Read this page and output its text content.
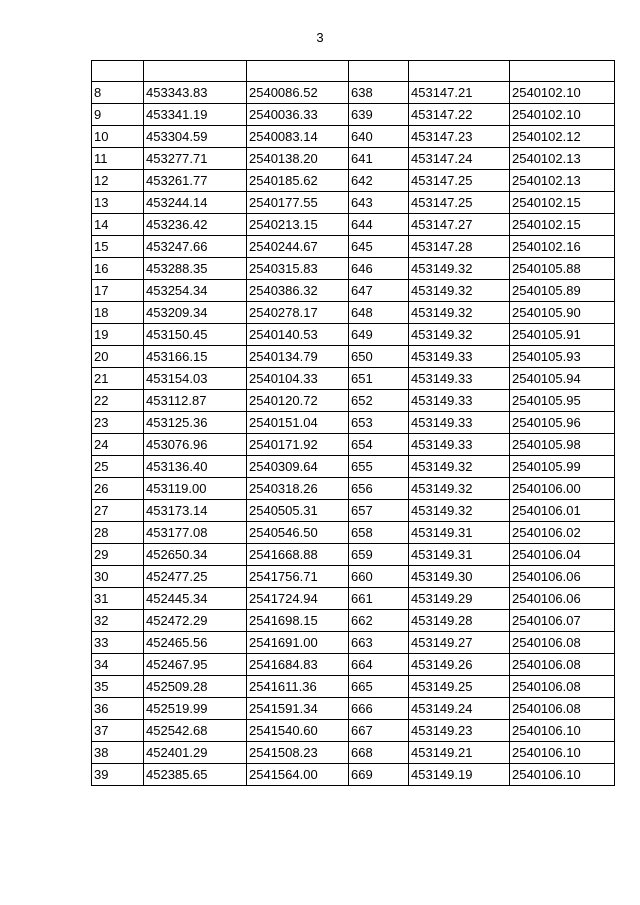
3

8	453343.83	2540086.52	638	453147.21	2540102.10
9	453341.19	2540036.33	639	453147.22	2540102.10
10	453304.59	2540083.14	640	453147.23	2540102.12
11	453277.71	2540138.20	641	453147.24	2540102.13
12	453261.77	2540185.62	642	453147.25	2540102.13
13	453244.14	2540177.55	643	453147.25	2540102.15
14	453236.42	2540213.15	644	453147.27	2540102.15
15	453247.66	2540244.67	645	453147.28	2540102.16
16	453288.35	2540315.83	646	453149.32	2540105.88
17	453254.34	2540386.32	647	453149.32	2540105.89
18	453209.34	2540278.17	648	453149.32	2540105.90
19	453150.45	2540140.53	649	453149.32	2540105.91
20	453166.15	2540134.79	650	453149.33	2540105.93
21	453154.03	2540104.33	651	453149.33	2540105.94
22	453112.87	2540120.72	652	453149.33	2540105.95
23	453125.36	2540151.04	653	453149.33	2540105.96
24	453076.96	2540171.92	654	453149.33	2540105.98
25	453136.40	2540309.64	655	453149.32	2540105.99
26	453119.00	2540318.26	656	453149.32	2540106.00
27	453173.14	2540505.31	657	453149.32	2540106.01
28	453177.08	2540546.50	658	453149.31	2540106.02
29	452650.34	2541668.88	659	453149.31	2540106.04
30	452477.25	2541756.71	660	453149.30	2540106.06
31	452445.34	2541724.94	661	453149.29	2540106.06
32	452472.29	2541698.15	662	453149.28	2540106.07
33	452465.56	2541691.00	663	453149.27	2540106.08
34	452467.95	2541684.83	664	453149.26	2540106.08
35	452509.28	2541611.36	665	453149.25	2540106.08
36	452519.99	2541591.34	666	453149.24	2540106.08
37	452542.68	2541540.60	667	453149.23	2540106.10
38	452401.29	2541508.23	668	453149.21	2540106.10
39	452385.65	2541564.00	669	453149.19	2540106.10
